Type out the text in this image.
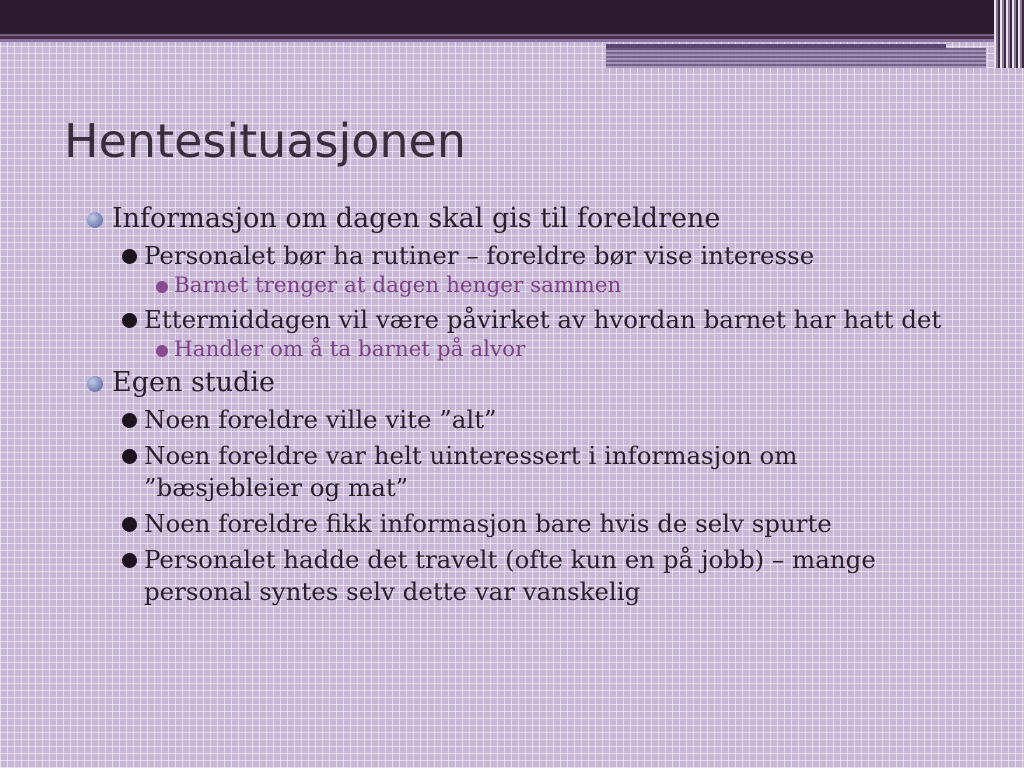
Hentesituasjonen
Informasjon om dagen skal gis til foreldrene
Personalet bør ha rutiner – foreldre bør vise interesse
Barnet trenger at dagen henger sammen
Ettermiddagen vil være påvirket av hvordan barnet har hatt det
Handler om å ta barnet på alvor
Egen studie
Noen foreldre ville vite ”alt”
Noen foreldre var helt uinteressert i informasjon om ”bæsjebleier og mat”
Noen foreldre fikk informasjon bare hvis de selv spurte
Personalet hadde det travelt (ofte kun en på jobb) – mange personal syntes selv dette var vanskelig
